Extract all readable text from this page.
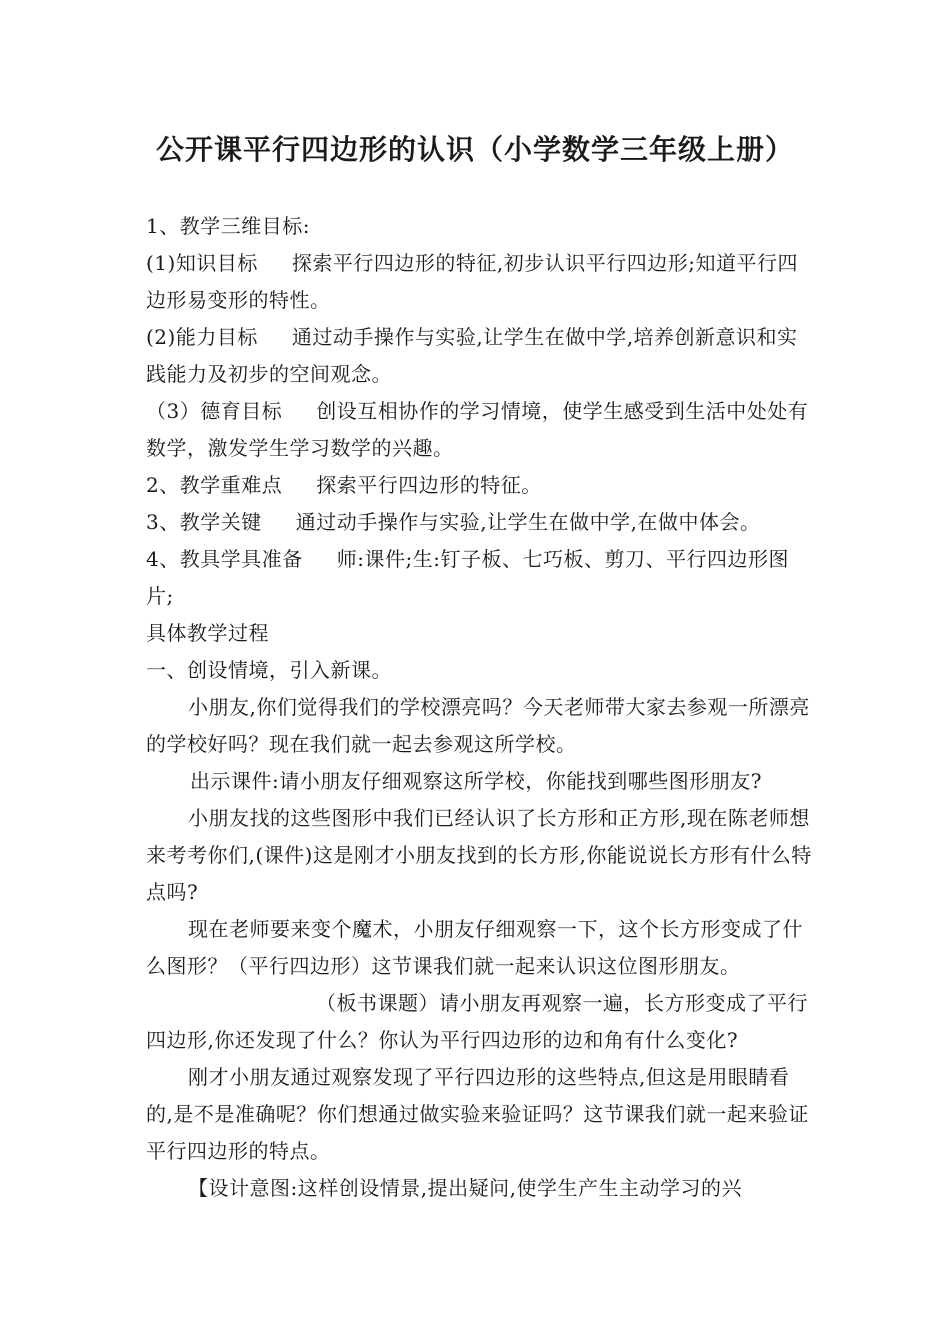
公开课平行四边形的认识（小学数学三年级上册）

1、教学三维目标:

(1)知识目标 探索平行四边形的特征,初步认识平行四边形;知道平行四边形易变形的特性。

(2)能力目标 通过动手操作与实验,让学生在做中学,培养创新意识和实践能力及初步的空间观念。

（3）德育目标 创设互相协作的学习情境，使学生感受到生活中处处有数学，激发学生学习数学的兴趣。

2、教学重难点 探索平行四边形的特征。

3、教学关键 通过动手操作与实验,让学生在做中学,在做中体会。

4、教具学具准备 师:课件;生:钉子板、七巧板、剪刀、平行四边形图片;

具体教学过程

一、创设情境，引入新课。

小朋友,你们觉得我们的学校漂亮吗？今天老师带大家去参观一所漂亮的学校好吗？现在我们就一起去参观这所学校。

出示课件:请小朋友仔细观察这所学校，你能找到哪些图形朋友?

小朋友找的这些图形中我们已经认识了长方形和正方形,现在陈老师想来考考你们,(课件)这是刚才小朋友找到的长方形,你能说说长方形有什么特点吗?

现在老师要来变个魔术，小朋友仔细观察一下，这个长方形变成了什么图形？（平行四边形）这节课我们就一起来认识这位图形朋友。

（板书课题）请小朋友再观察一遍，长方形变成了平行四边形,你还发现了什么？你认为平行四边形的边和角有什么变化?

刚才小朋友通过观察发现了平行四边形的这些特点,但这是用眼睛看的,是不是准确呢？你们想通过做实验来验证吗？这节课我们就一起来验证平行四边形的特点。

【设计意图:这样创设情景,提出疑问,使学生产生主动学习的兴
